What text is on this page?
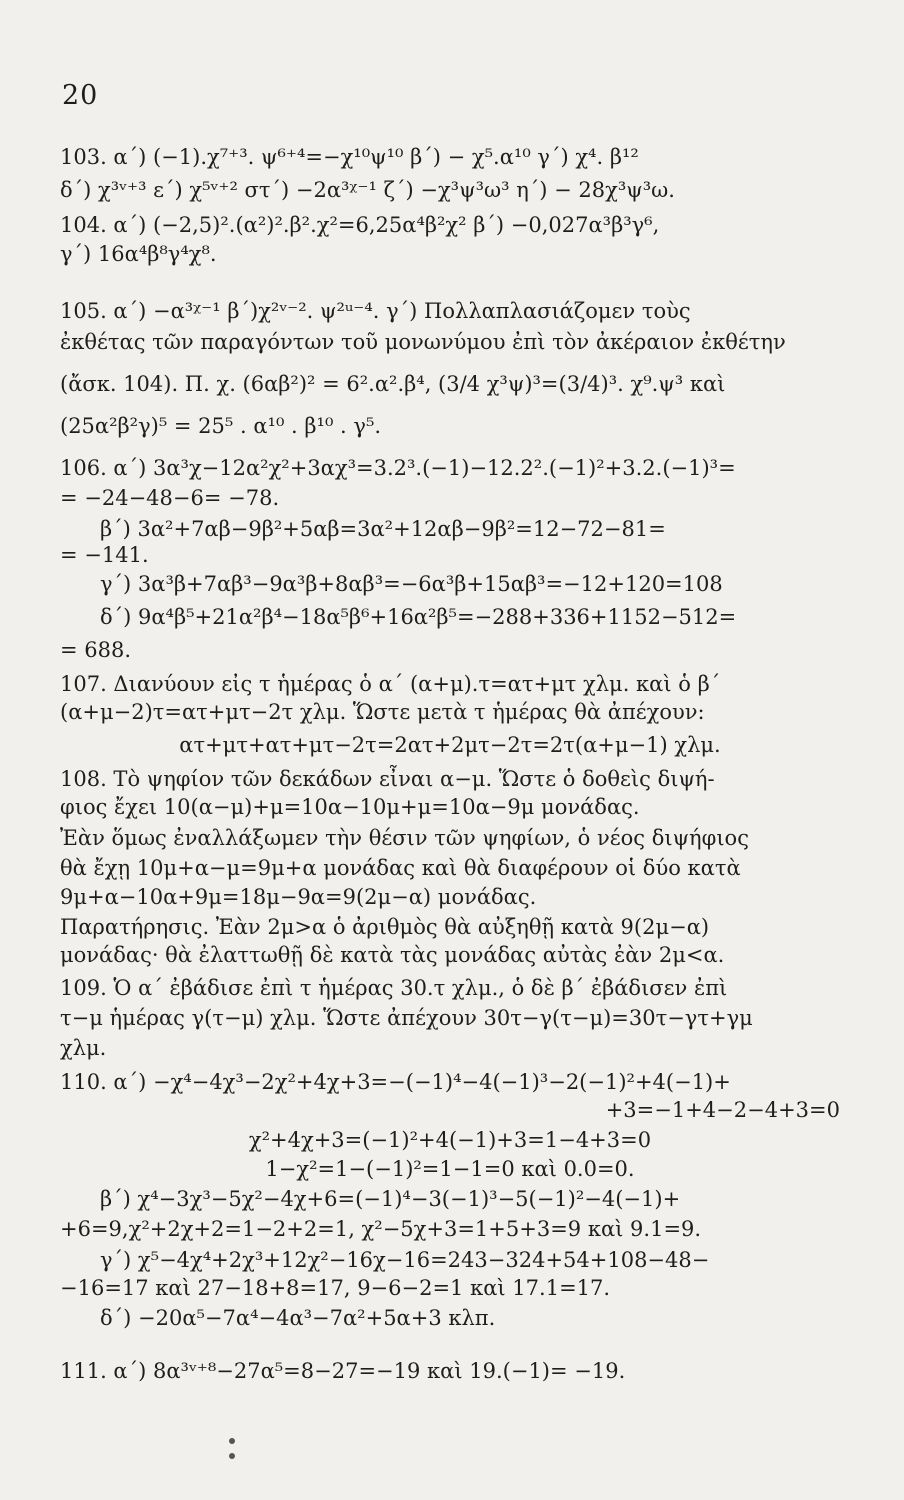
20
103. α΄) (−1).χ⁷⁺³. ψ⁶⁺⁴=−χ¹⁰ψ¹⁰ β΄) − χ⁵.α¹⁰ γ΄) χ⁴. β¹²
δ΄) χ³ᵛ⁺³ ε΄) χ⁵ᵛ⁺² στ΄) −2α³ᵡ⁻¹ ζ΄) −χ³ψ³ω³ η΄) − 28χ³ψ³ω.
104. α΄) (−2,5)².(α²)².β².χ²=6,25α⁴β²χ² β΄) −0,027α³β³γ⁶,
γ΄) 16α⁴β⁸γ⁴χ⁸.
105. α΄) −α³ᵡ⁻¹ β΄)χ²ᵛ⁻². ψ²ᵘ⁻⁴. γ΄) Πολλαπλασιάζομεν τοὺς
ἐκθέτας τῶν παραγόντων τοῦ μονωνύμου ἐπὶ τὸν ἀκέραιον ἐκθέτην
(ἄσκ. 104). Π. χ. (6αβ²)² = 6².α².β⁴, (3/4 χ³ψ)³=(3/4)³. χ⁹.ψ³ καὶ
(25α²β²γ)⁵ = 25⁵ . α¹⁰ . β¹⁰ . γ⁵.
106. α΄) 3α³χ−12α²χ²+3αχ³=3.2³.(−1)−12.2².(−1)²+3.2.(−1)³=
= −24−48−6= −78.
β΄) 3α²+7αβ−9β²+5αβ=3α²+12αβ−9β²=12−72−81=
= −141.
γ΄) 3α³β+7αβ³−9α³β+8αβ³=−6α³β+15αβ³=−12+120=108
δ΄) 9α⁴β⁵+21α²β⁴−18α⁵β⁶+16α²β⁵=−288+336+1152−512=
= 688.
107. Διανύουν εἰς τ ἡμέρας ὁ α΄ (α+μ).τ=ατ+μτ χλμ. καὶ ὁ β΄
(α+μ−2)τ=ατ+μτ−2τ χλμ. Ὥστε μετὰ τ ἡμέρας θὰ ἀπέχουν:
ατ+μτ+ατ+μτ−2τ=2ατ+2μτ−2τ=2τ(α+μ−1) χλμ.
108. Τὸ ψηφίον τῶν δεκάδων εἶναι α−μ. Ὥστε ὁ δοθεὶς διψή-
φιος ἔχει 10(α−μ)+μ=10α−10μ+μ=10α−9μ μονάδας.
Ἐὰν ὅμως ἐναλλάξωμεν τὴν θέσιν τῶν ψηφίων, ὁ νέος διψήφιος
θὰ ἔχῃ 10μ+α−μ=9μ+α μονάδας καὶ θὰ διαφέρουν οἱ δύο κατὰ
9μ+α−10α+9μ=18μ−9α=9(2μ−α) μονάδας.
Παρατήρησις. Ἐὰν 2μ>α ὁ ἀριθμὸς θὰ αὐξηθῇ κατὰ 9(2μ−α)
μονάδας· θὰ ἐλαττωθῇ δὲ κατὰ τὰς μονάδας αὐτὰς ἐὰν 2μ<α.
109. Ὁ α΄ ἐβάδισε ἐπὶ τ ἡμέρας 30.τ χλμ., ὁ δὲ β΄ ἐβάδισεν ἐπὶ
τ−μ ἡμέρας γ(τ−μ) χλμ. Ὥστε ἀπέχουν 30τ−γ(τ−μ)=30τ−γτ+γμ
χλμ.
110. α΄) −χ⁴−4χ³−2χ²+4χ+3=−(−1)⁴−4(−1)³−2(−1)²+4(−1)+
+3=−1+4−2−4+3=0
χ²+4χ+3=(−1)²+4(−1)+3=1−4+3=0
1−χ²=1−(−1)²=1−1=0 καὶ 0.0=0.
β΄) χ⁴−3χ³−5χ²−4χ+6=(−1)⁴−3(−1)³−5(−1)²−4(−1)+
+6=9,χ²+2χ+2=1−2+2=1, χ²−5χ+3=1+5+3=9 καὶ 9.1=9.
γ΄) χ⁵−4χ⁴+2χ³+12χ²−16χ−16=243−324+54+108−48−
−16=17 καὶ 27−18+8=17, 9−6−2=1 καὶ 17.1=17.
δ΄) −20α⁵−7α⁴−4α³−7α²+5α+3 κλπ.
111. α΄) 8α³ᵛ⁺⁸−27α⁵=8−27=−19 καὶ 19.(−1)= −19.
